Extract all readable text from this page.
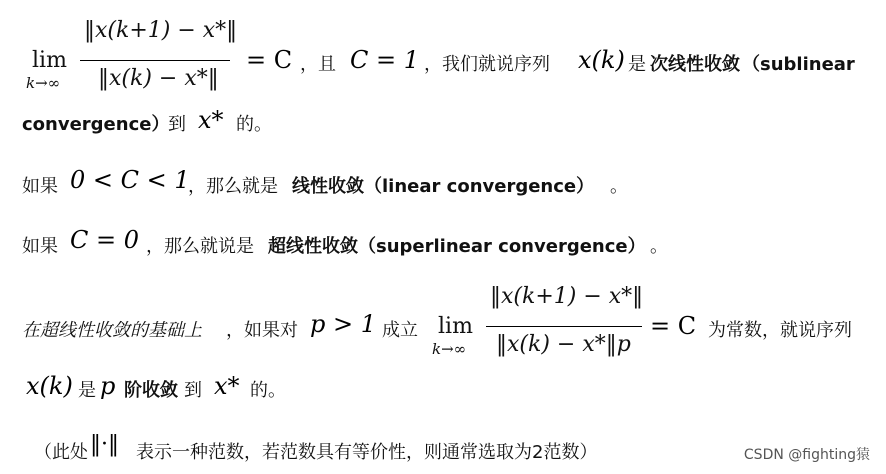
lim
k→∞
‖x(k+1) − x*‖
‖x(k) − x*‖
= C ，且 C = 1 ，我们就说序列 x(k) 是 次线性收敛 （sublinear
convergence）
到 x* 的。
如果 0 < C < 1
，那么就是 线性收敛（linear convergence） 。
如果 C = 0 ，那么就说是 超线性收敛（superlinear convergence） 。
在超线性收敛的基础上 ，如果对 p > 1 成立 lim
k→∞
‖x(k+1) − x*‖
‖x(k) − x*‖p
= C 为常数，就说序列
x(k) 是 p 阶收敛 到 x* 的。
（此处 ‖·‖ 表示一种范数，若范数具有等价性，则通常选取为2范数）	CSDN @fighting猿
